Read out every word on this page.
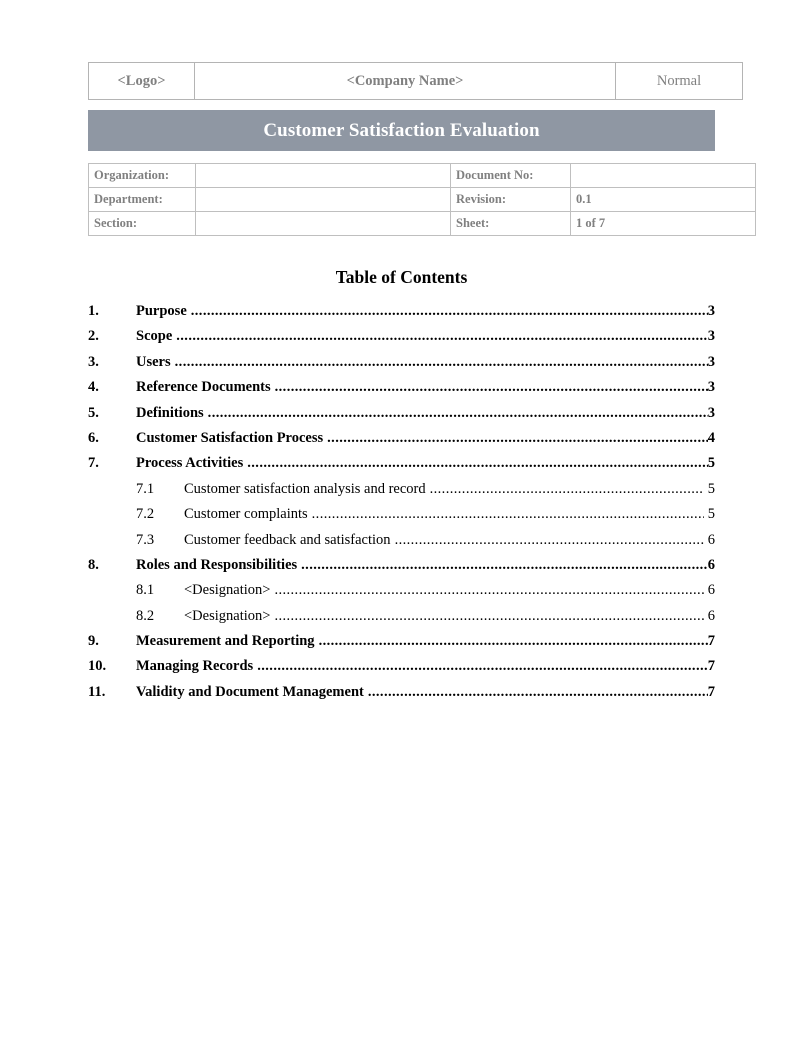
<Logo>	<Company Name>	Normal
Customer Satisfaction Evaluation
Organization:		Document No:	
Department:		Revision:	0.1
Section:		Sheet:	1 of 7
Table of Contents
1.	Purpose .....	3
2.	Scope .....	3
3.	Users .....	3
4.	Reference Documents .....	3
5.	Definitions .....	3
6.	Customer Satisfaction Process .....	4
7.	Process Activities .....	5
7.1	Customer satisfaction analysis and record .....	5
7.2	Customer complaints .....	5
7.3	Customer feedback and satisfaction .....	6
8.	Roles and Responsibilities .....	6
8.1	<Designation> .....	6
8.2	<Designation> .....	6
9.	Measurement and Reporting .....	7
10.	Managing Records .....	7
11.	Validity and Document Management .....	7
